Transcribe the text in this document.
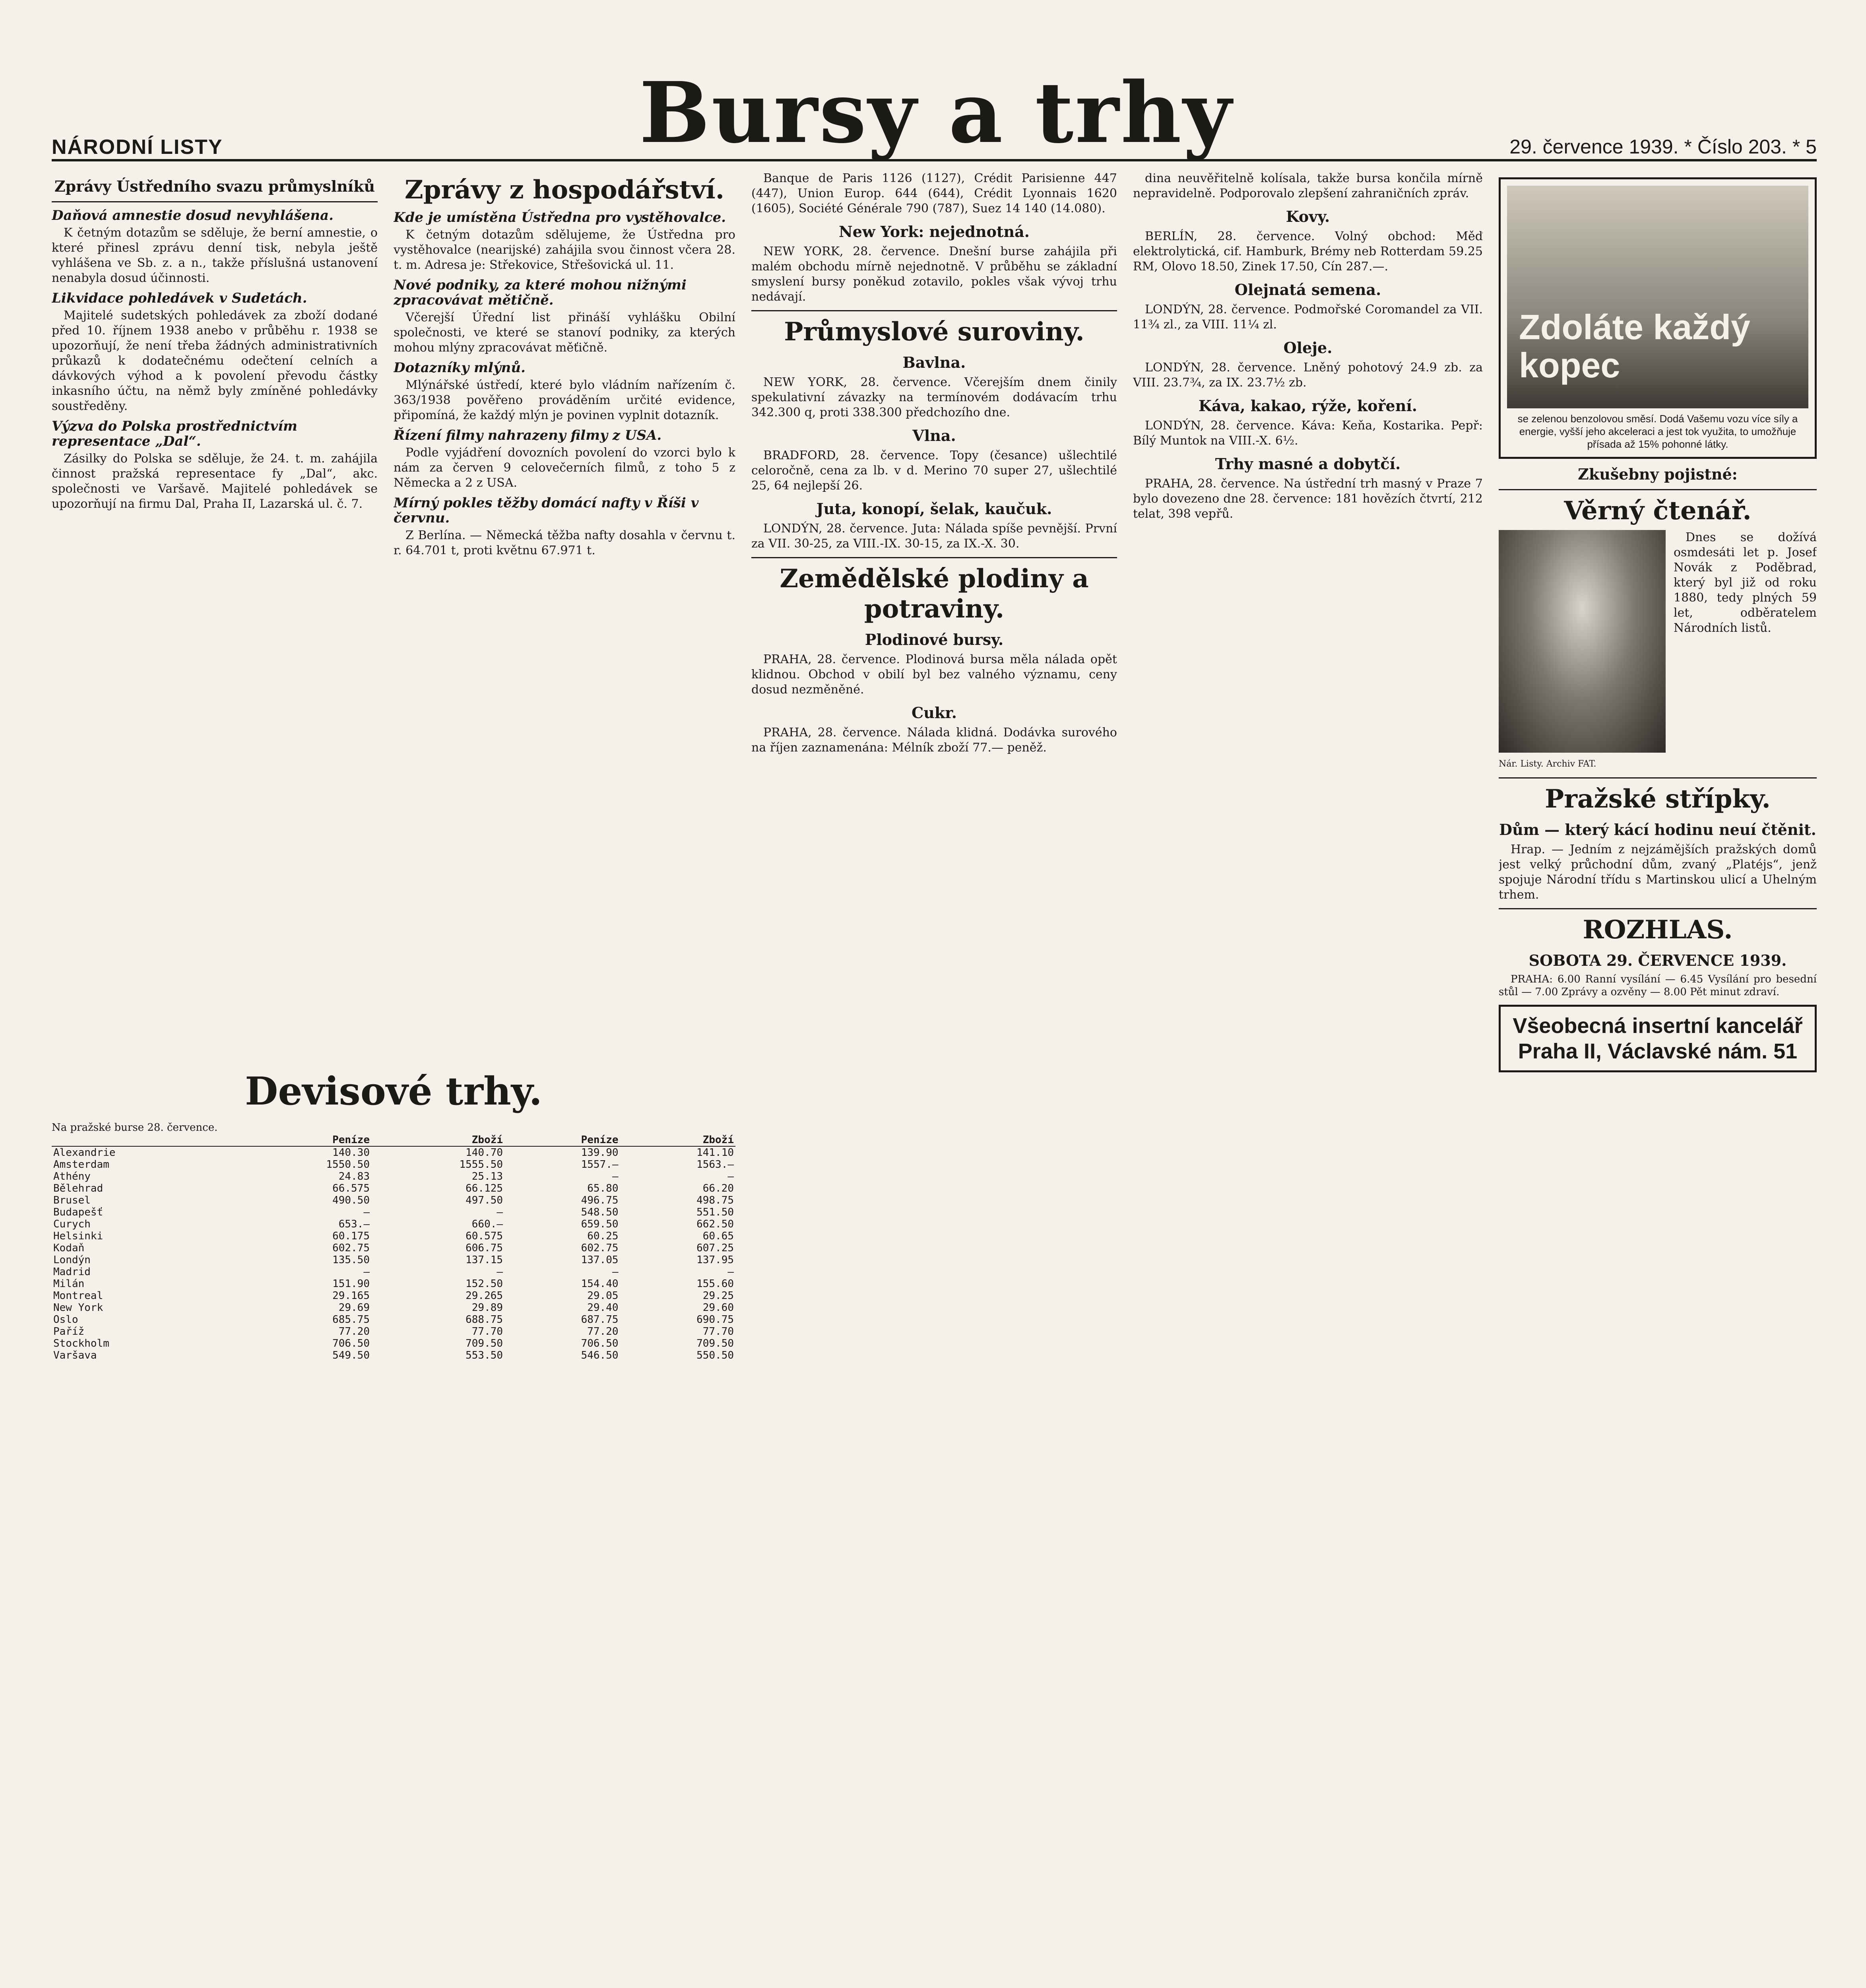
NÁRODNÍ LISTY	Bursy a trhy	29. července 1939. * Číslo 203. * 5
Zprávy Ústředního svazu průmyslníků
Daňová amnestie dosud nevyhlášena.

K četným dotazům se sděluje, že berní amnestie, o které přinesl zprávu denní tisk, nebyla ještě vyhlášena ve Sb. z. a n., takže příslušná ustanovení nenabyla dosud účinnosti.

Likvidace pohledávek v Sudetách.

Majitelé sudetských pohledávek za zboží dodané před 10. říjnem 1938 anebo v průběhu r. 1938 se upozorňují, že není třeba žádných administrativních průkazů k dodatečnému odečtení celních a dávkových výhod a k povolení převodu částky inkasního účtu, na němž byly zmíněné pohledávky soustředěny.

Výzva do Polska prostřednictvím representace „Dal“.

Zásilky do Polska se sděluje, že 24. t. m. zahájila činnost pražská representace fy „Dal“, akc. společnosti ve Varšavě. Majitelé pohledávek se upozorňují na firmu Dal, Praha II, Lazarská ul. č. 7.

Zprávy z hospodářství.
Kde je umístěna Ústředna pro vystěhovalce.

K četným dotazům sdělujeme, že Ústředna pro vystěhovalce (nearijské) zahájila svou činnost včera 28. t. m. Adresa je: Střekovice, Střešovická ul. 11.

Nové podniky, za které mohou nižnými zpracovávat mětičně.

Včerejší Úřední list přináší vyhlášku Obilní společnosti, ve které se stanoví podniky, za kterých mohou mlýny zpracovávat měťičně.

Dotazníky mlýnů.

Mlýnářské ústředí, které bylo vládním nařízením č. 363/1938 pověřeno prováděním určité evidence, připomíná, že každý mlýn je povinen vyplnit dotazník.

Řízení filmy nahrazeny filmy z USA.

Podle vyjádření dovozních povolení do vzorci bylo k nám za červen 9 celovečerních filmů, z toho 5 z Německa a 2 z USA.

Mírný pokles těžby domácí nafty v Říši v červnu.

Z Berlína. — Německá těžba nafty dosahla v červnu t. r. 64.701 t, proti květnu 67.971 t.

Devisové trhy.
Na pražské burse 28. července.
	Peníze	Zboží	Peníze	Zboží
Alexandrie	140.30	140.70	139.90	141.10
Amsterdam	1550.50	1555.50	1557.—	1563.—
Athény	24.83	25.13	—	—
Bělehrad	66.575	66.125	65.80	66.20
Brusel	490.50	497.50	496.75	498.75
Budapešť	—	—	548.50	551.50
Curych	653.—	660.—	659.50	662.50
Helsinki	60.175	60.575	60.25	60.65
Kodaň	602.75	606.75	602.75	607.25
Londýn	135.50	137.15	137.05	137.95
Madrid	—	—	—	—
Milán	151.90	152.50	154.40	155.60
Montreal	29.165	29.265	29.05	29.25
New York	29.69	29.89	29.40	29.60
Oslo	685.75	688.75	687.75	690.75
Paříž	77.20	77.70	77.20	77.70
Stockholm	706.50	709.50	706.50	709.50
Varšava	549.50	553.50	546.50	550.50

Banque de Paris 1126 (1127), Crédit Parisienne 447 (447), Union Europ. 644 (644), Crédit Lyonnais 1620 (1605), Société Générale 790 (787), Suez 14 140 (14.080).

New York: nejednotná.

NEW YORK, 28. července. Dnešní burse zahájila při malém obchodu mírně nejednotně. V průběhu se základní smyslení bursy poněkud zotavilo, pokles však vývoj trhu nedávají.

Průmyslové suroviny.
Bavlna.

NEW YORK, 28. července. Včerejším dnem činily spekulativní závazky na termínovém dodávacím trhu 342.300 q, proti 338.300 předchozího dne.

Vlna.

BRADFORD, 28. července. Topy (česance) ušlechtilé celoročně, cena za lb. v d. Merino 70 super 27, ušlechtilé 25, 64 nejlepší 26.

Juta, konopí, šelak, kaučuk.

LONDÝN, 28. července. Juta: Nálada spíše pevnější. První za VII. 30-25, za VIII.-IX. 30-15, za IX.-X. 30.

Zemědělské plodiny a potraviny.
Plodinové bursy.

PRAHA, 28. července. Plodinová bursa měla nálada opět klidnou. Obchod v obilí byl bez valného významu, ceny dosud nezměněné.

Cukr.

PRAHA, 28. července. Nálada klidná. Dodávka surového na říjen zaznamenána: Mélník zboží 77.— peněž.

dina neuvěřitelně kolísala, takže bursa končila mírně nepravidelně. Podporovalo zlepšení zahraničních zpráv.

Kovy.

BERLÍN, 28. července. Volný obchod: Měď elektrolytická, cif. Hamburk, Brémy neb Rotterdam 59.25 RM, Olovo 18.50, Zinek 17.50, Cín 287.—.

Olejnatá semena.

LONDÝN, 28. července. Podmořské Coromandel za VII. 11¾ zl., za VIII. 11¼ zl.

Oleje.

LONDÝN, 28. července. Lněný pohotový 24.9 zb. za VIII. 23.7¾, za IX. 23.7½ zb.

Káva, kakao, rýže, koření.

LONDÝN, 28. července. Káva: Keňa, Kostarika. Pepř: Bílý Muntok na VIII.-X. 6½.

Trhy masné a dobytčí.

PRAHA, 28. července. Na ústřední trh masný v Praze 7 bylo dovezeno dne 28. července: 181 hovězích čtvrtí, 212 telat, 398 vepřů.

Zdoláte každý kopec
se zelenou benzolovou směsí. Dodá Vašemu vozu více síly a energie, vyšší jeho akceleraci a jest tok využita, to umožňuje přísada až 15% pohonné látky.
Zkušebny pojistné:
Věrný čtenář.

Dnes se dožívá osmdesáti let p. Josef Novák z Poděbrad, který byl již od roku 1880, tedy plných 59 let, odběratelem Národních listů.

Nár. Listy. Archiv FAT.
Pražské střípky.
Dům — který kácí hodinu neuí čtěnit.

Hrap. — Jedním z nejzámějších pražských domů jest velký průchodní dům, zvaný „Platéjs“, jenž spojuje Národní třídu s Martinskou ulicí a Uhelným trhem.

ROZHLAS.
SOBOTA 29. ČERVENCE 1939.

PRAHA: 6.00 Ranní vysílání — 6.45 Vysílání pro besední stůl — 7.00 Zprávy a ozvěny — 8.00 Pět minut zdraví.

Všeobecná insertní kancelář Praha II, Václavské nám. 51
